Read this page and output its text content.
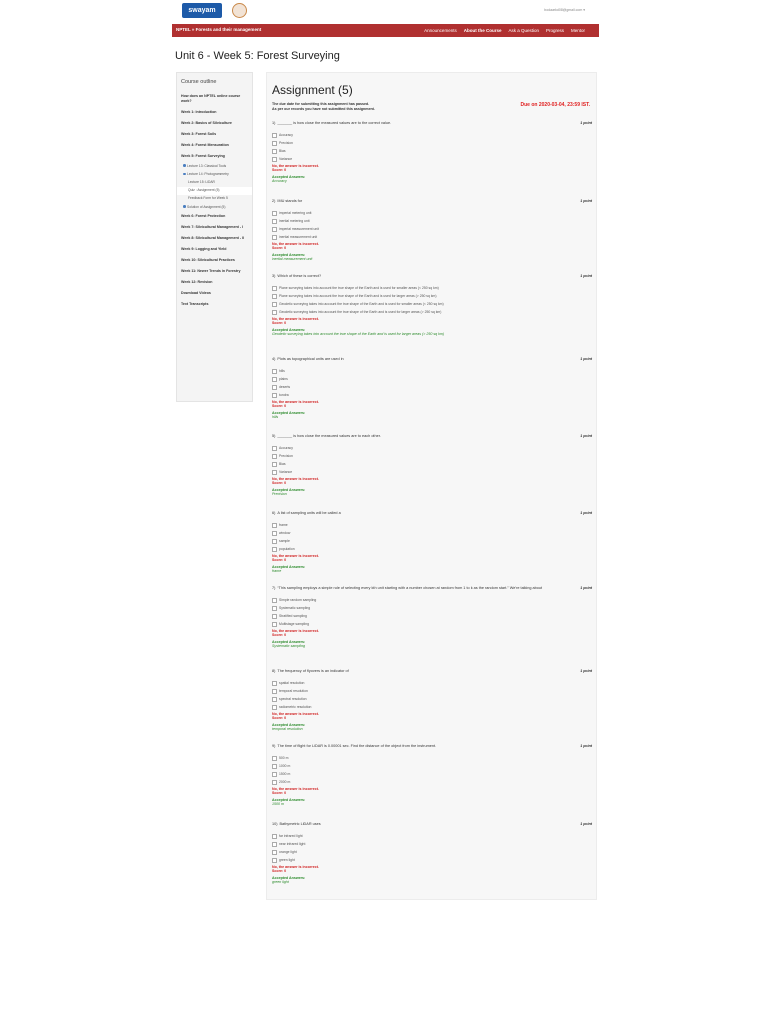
swayam	bodaarkd08@gmail.com ▾
NPTEL » Forests and their management	Announcements About the Course Ask a Question Progress Mentor
Unit 6 - Week 5: Forest Surveying
Course outline
How does an NPTEL online course work?
Week 1: Introduction
Week 2: Basics of Silviculture
Week 3: Forest Soils
Week 4: Forest Mensuration
Week 5: Forest Surveying
Lecture 13: Classical Tools
Lecture 14: Photogrammetry
Lecture 15: LiDAR
Quiz : Assignment (5)
Feedback Form for Week 5
Solution of Assignment (5)
Week 6: Forest Protection
Week 7: Silvicultural Management - I
Week 8: Silvicultural Management - II
Week 9: Logging and Yield
Week 10: Silvicultural Practices
Week 11: Newer Trends in Forestry
Week 12: Revision
Download Videos
Text Transcripts
Assignment (5)
The due date for submitting this assignment has passed.
As per our records you have not submitted this assignment.
Due on 2020-03-04, 23:59 IST.
1) _______ is how close the measured values are to the correct value.	1 point
Accuracy
Precision
Bias
Variance
No, the answer is incorrect.
Score: 0
Accepted Answers:
Accuracy
2) IMU stands for	1 point
imperial metering unit
inertial metering unit
imperial measurement unit
inertial measurement unit
No, the answer is incorrect.
Score: 0
Accepted Answers:
inertial measurement unit
3) Which of these is correct?	1 point
Plane surveying takes into account the true shape of the Earth and is used for smaller areas (< 250 sq km)
Plane surveying takes into account the true shape of the Earth and is used for larger areas (> 250 sq km)
Geodetic surveying takes into account the true shape of the Earth and is used for smaller areas (< 250 sq km)
Geodetic surveying takes into account the true shape of the Earth and is used for larger areas (> 250 sq km)
No, the answer is incorrect.
Score: 0
Accepted Answers:
Geodetic surveying takes into account the true shape of the Earth and is used for larger areas (> 250 sq km)
4) Plots as topographical units are used in	1 point
hills
plains
deserts
tundra
No, the answer is incorrect.
Score: 0
Accepted Answers:
hills
5) _______ is how close the measured values are to each other.	1 point
Accuracy
Precision
Bias
Variance
No, the answer is incorrect.
Score: 0
Accepted Answers:
Precision
6) A list of sampling units will be called a	1 point
frame
window
sample
population
No, the answer is incorrect.
Score: 0
Accepted Answers:
frame
7) “This sampling employs a simple rule of selecting every kth unit starting with a number chosen at random from 1 to k as the random start.” We're talking about	1 point
Simple random sampling
Systematic sampling
Stratified sampling
Multistage sampling
No, the answer is incorrect.
Score: 0
Accepted Answers:
Systematic sampling
8) The frequency of flyovers is an indicator of	1 point
spatial resolution
temporal resolution
spectral resolution
radiometric resolution
No, the answer is incorrect.
Score: 0
Accepted Answers:
temporal resolution
9) The time of flight for LiDAR is 0.00001 sec. Find the distance of the object from the instrument.	1 point
500 m
1000 m
1500 m
2000 m
No, the answer is incorrect.
Score: 0
Accepted Answers:
1500 m
10) Bathymetric LiDAR uses	1 point
far infrared light
near infrared light
orange light
green light
No, the answer is incorrect.
Score: 0
Accepted Answers:
green light
